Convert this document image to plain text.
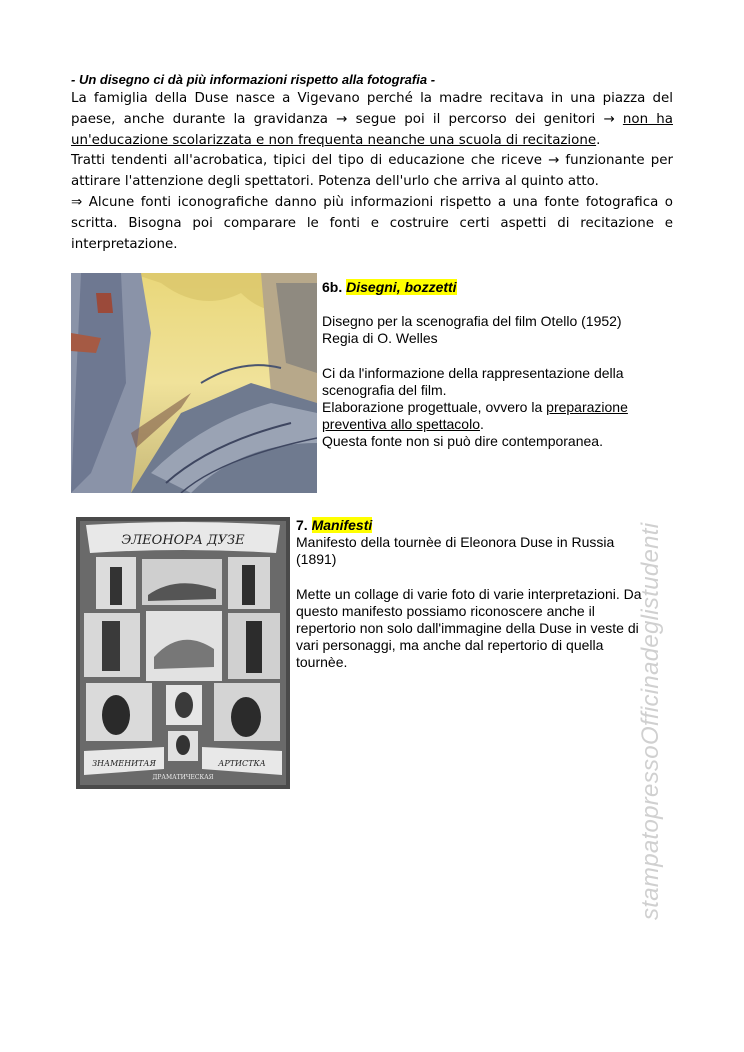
- Un disegno ci dà più informazioni rispetto alla fotografia -

La famiglia della Duse nasce a Vigevano perché la madre recitava in una piazza del paese, anche durante la gravidanza → segue poi il percorso dei genitori → non ha un'educazione scolarizzata e non frequenta neanche una scuola di recitazione.

Tratti tendenti all'acrobatica, tipici del tipo di educazione che riceve → funzionante per attirare l'attenzione degli spettatori. Potenza dell'urlo che arriva al quinto atto.

⇒ Alcune fonti iconografiche danno più informazioni rispetto a una fonte fotografica o scritta. Bisogna poi comparare le fonti e costruire certi aspetti di recitazione e interpretazione.

6b. Disegni, bozzetti
Disegno per la scenografia del film Otello (1952)
Regia di O. Welles
Ci da l'informazione della rappresentazione della scenografia del film.
Elaborazione progettuale, ovvero la preparazione preventiva allo spettacolo.
Questa fonte non si può dire contemporanea.
ЭЛЕОНОРА ДУЗЕ
ЗНАМЕНИТАЯ	АРТИСТКА
ДРАМАТИЧЕСКАЯ
7. Manifesti
Manifesto della tournèe di Eleonora Duse in Russia (1891)
Mette un collage di varie foto di varie interpretazioni. Da questo manifesto possiamo riconoscere anche il repertorio non solo dall'immagine della Duse in veste di vari personaggi, ma anche dal repertorio di quella tournèe.	stampatopressoOfficinadeglistudenti
